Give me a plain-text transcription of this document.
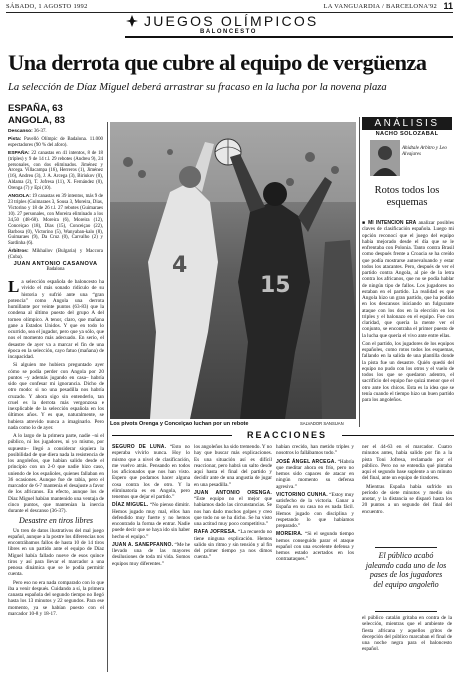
SÁBADO, 1 AGOSTO 1992	LA VANGUARDIA / BARCELONA'92 11
JUEGOS OLÍMPICOS
BALONCESTO
Una derrota que cubre al equipo de vergüenza
La selección de Díaz Miguel deberá arrastrar su fracaso en la lucha por la novena plaza
ESPAÑA, 63
ANGOLA, 83

Descanso: 36-37.

Pista: Pavelló Olímpic de Badalona. 11.000 espectadores (90 % del aforo).

ESPAÑA: 22 canastas en 41 intentos, 8 de 18 (triples) y 9 de 14 t.l. 29 rebotes (Andreu 9), 24 personales, con dos eliminados. Jiménez y Arcega. Villacampa (16), Herreros (1), Jiménez (16), Andreu (3), J. A. Arcega (3), Biriukov (0), Aldama (2), T. Jofresa (11), X. Fernández (0), Orenga (7) y Epi (10).

ANGOLA: 19 canastas en 39 intentos, más 9 de 23 triples (Guimaraes 3, Sousa 3, Moreira, Dias, Victorino y 18 de 26 t.l. 27 rebotes (Guimaraes 10). 27 personales, con Moreira eliminado a los 34,50 (48-68). Moreira (6), Moreira (12), Conceiçao (18), Dias (15), Conceiçao (22), Barbosa (0), Victorino (5), Wanyaban-kalo (8), Guimaraes (9), Da Cruz (0), Carvalho (2) y Sardinha (6).

Árbitros: Mikhailov (Bulgaria) y Maccora (Cuba).

JUAN ANTONIO CASANOVA
Badalona

La selección española de baloncesto ha vivido el más sonado ridículo de su historia y sufrió ante una “gran potencia” como Angola una derrota humillante por veinte puntos (63-83) que la condena al último puesto del grupo A del torneo olímpico. A tenor, claro, que mañana gane a Estados Unidos. Y que en todo lo ocurrido, sea el jugador, pero que ya sólo, que nos el momento más adecuado. En serio, el desastre de ayer va a marcar el fin de una época en la selección, cayo fatuo (mañana) de incapacidad.

Si alguien me hubiera preguntado ayer cómo se podía perder con Angola por 20 puntos –y además jugando en casa– habría sido que confesar mi ignorancia. Dicho de otro modo: si no una pesadilla nos habría cruzado. Y ahora sigo sin entenderlo, tan cruel es la derrota más vergonzosa e inexplicable de la selección española en los últimos años. Y es que, naturalmente, se hubiera atrevido nunca a imaginarlo. Pero nada como lo de ayer.

A lo largo de la primera parte, nadie –ni el público, ni los jugadores, ni yo mismo, por supuesto– llegó a considerar siquiera la posibilidad de que diera nada la resistencia de los angoleños, que habían salido desde el principio con un 2-0 que nadie hizo caso, uniendo de los españoles, quienes fallaban en 36 ocasiones. Aunque fue de rabia, pero el marcador de 6-7 mantenía el desajuste a favor de los africanos. En efecto, aunque los de Díaz Miguel habían mantenido una ventaja de cinco puntos, que mantenían la inercia durante el descanso (36-37).

Desastre en tiros libres

Un tren de datos ilustrativos del mal juego español, aunque a la postre los diferencias nos encontrábamos fallos de hasta 10 de 14 tiros libres en un partido ante el equipo de Díaz Miguel había fallado nueve de esos quince tiros y así para llevar el marcador a una penosa dinámica que se le podía permitir cuenta.

Pero eso no era nada comparado con lo que iba a venir después. Cuidando a sí, la primera canasta española del segundo tiempo no llegó hasta los 13 minutos y 22 segundos. Para ese momento, ya se habían puesto con el marcador 10-8 y 18-17.

4
15
Los pivots Orenga y Conceiçao luchan por un rebote	SALVADOR SANSUAN
ANÁLISIS
NACHO SOLOZABAL
Ahidtale Arbitro y Leo Alvajares
Rotos todos los esquemas

■ MI INTENCIÓN ERA analizar posibles claves de clasificación española. Luego mi opción reconocí que el juego del equipo había mejorado desde el día que se le enfrentaba con Polonia. Tanto contra Brasil como después frente a Croacia se ha creído que podía mostrarse autoevaluando y estar todos los atacantes. Pero, después de ver el partido contra Angola, al pie de la letra contra los africanos, que no se podía hablar de ningún tipo de fallos. Los jugadores no estaban en el partido. La realidad es que Angola hizo un gran partido, que ha podido en los descansos iniciando un fulgurante ataque con los dos en la elección en los triples y el balonazo en el equipo. Fue con claridad, que quería la mente ver el conjunto, se encontraba el primer puesto de la lucha que quería el vivo ante entre ellas.

Con el partido, los jugadores de los equipos españoles, como rotos todos los esquemas, fallando en la salida de una plantilla donde la pista fue un desastre. Quién quedó del equipo no pudo con los otros y el vuelo de todos los que se quedaron adentro, el sacrificio del equipo fue quizá menor que el otro ante los chicos. Esta es la idea que se tenía cuando el tiempo hizo un buen partido para los angoleños.

REACCIONES

SEGURO DE LUNA. “Esto no esperaba vivirlo nunca. Hoy lo mismo que a nivel de clasificación, me vuelvo atrás. Pensando en todos los aficionados que nos han visto. Espero que podamos hacer alguna cosa contra los de otro. Y la eliminatoria es en Angola, pero tenemos que dejar el partido.”

DÍAZ MIGUEL. “No pienso dimitir. Hemos jugado muy mal, ellos han defendido muy fuerte y no hemos encontrado la forma de entrar. Nadie puede decir que se haya ido sin haber hecho el equipo.”

JUAN A. SANEPFANNO. “Me he llevado una de las mayores desilusiones de toda mi vida. Somos equipos muy diferentes.”

los angoleños ha sido tremendo. Y no hay que buscar más explicaciones. Es una situación así es difícil reaccionar, pero habrá un salto desde aquí hasta el final del partido y decidir ante de una angustia de jugar en una pesadilla.”

JUAN ANTONIO ORENGA. “Este equipo no el mejor que habíamos dado las circunstancias. Se nos han dado muchos golpes y creo que todo no se ha dicho. Se ha visto una actitud muy poco competitiva.”

RAFA JOFRESA. “La recuerdo no tiene ninguna explicación. Hemos salido sin ritmo y sin tensión y al fin del primer tiempo ya nos dimos cuenta.”

habían crecido, han metido triples y nosotros lo fallábamos todo.”

JOSÉ ÁNGEL ARCEGA. “Habría que meditar ahora en frío, pero no hemos sido capaces de atacar en ningún momento su defensa agresiva.”

VICTORINO CUNHA. “Estoy muy satisfecho de la victoria. Ganar a España en su casa no es nada fácil. Hemos jugado con disciplina y respetando lo que habíamos preparado.”

MOREIRA. “Si el segundo tiempo hemos conseguido parar el ataque español con una excelente defensa y hemos estado acertados en los contraataques.”

ner el 44-63 en el marcador. Cuatro minutos antes, había salido por fin a la pista Toni Jofresa, reclamado por el público. Pero no se entendía qué pintaba aquí el segundo base suplente a un minuto del final, ante un equipo de tiradores.

Mientras España había sufrido un período de siete minutos y medio sin anotar, y la distancia se disparó hasta los 20 puntos a un segundo del final del encuentro.

El público acabó jaleando cada uno de los pases de los jugadores del equipo angoleño

el público catalán gritaba en contra de la selección, mientras que el ambiente de fiesta africana y aquellos gritos de decepción del público marcaban el final de una noche negra para el baloncesto español.
